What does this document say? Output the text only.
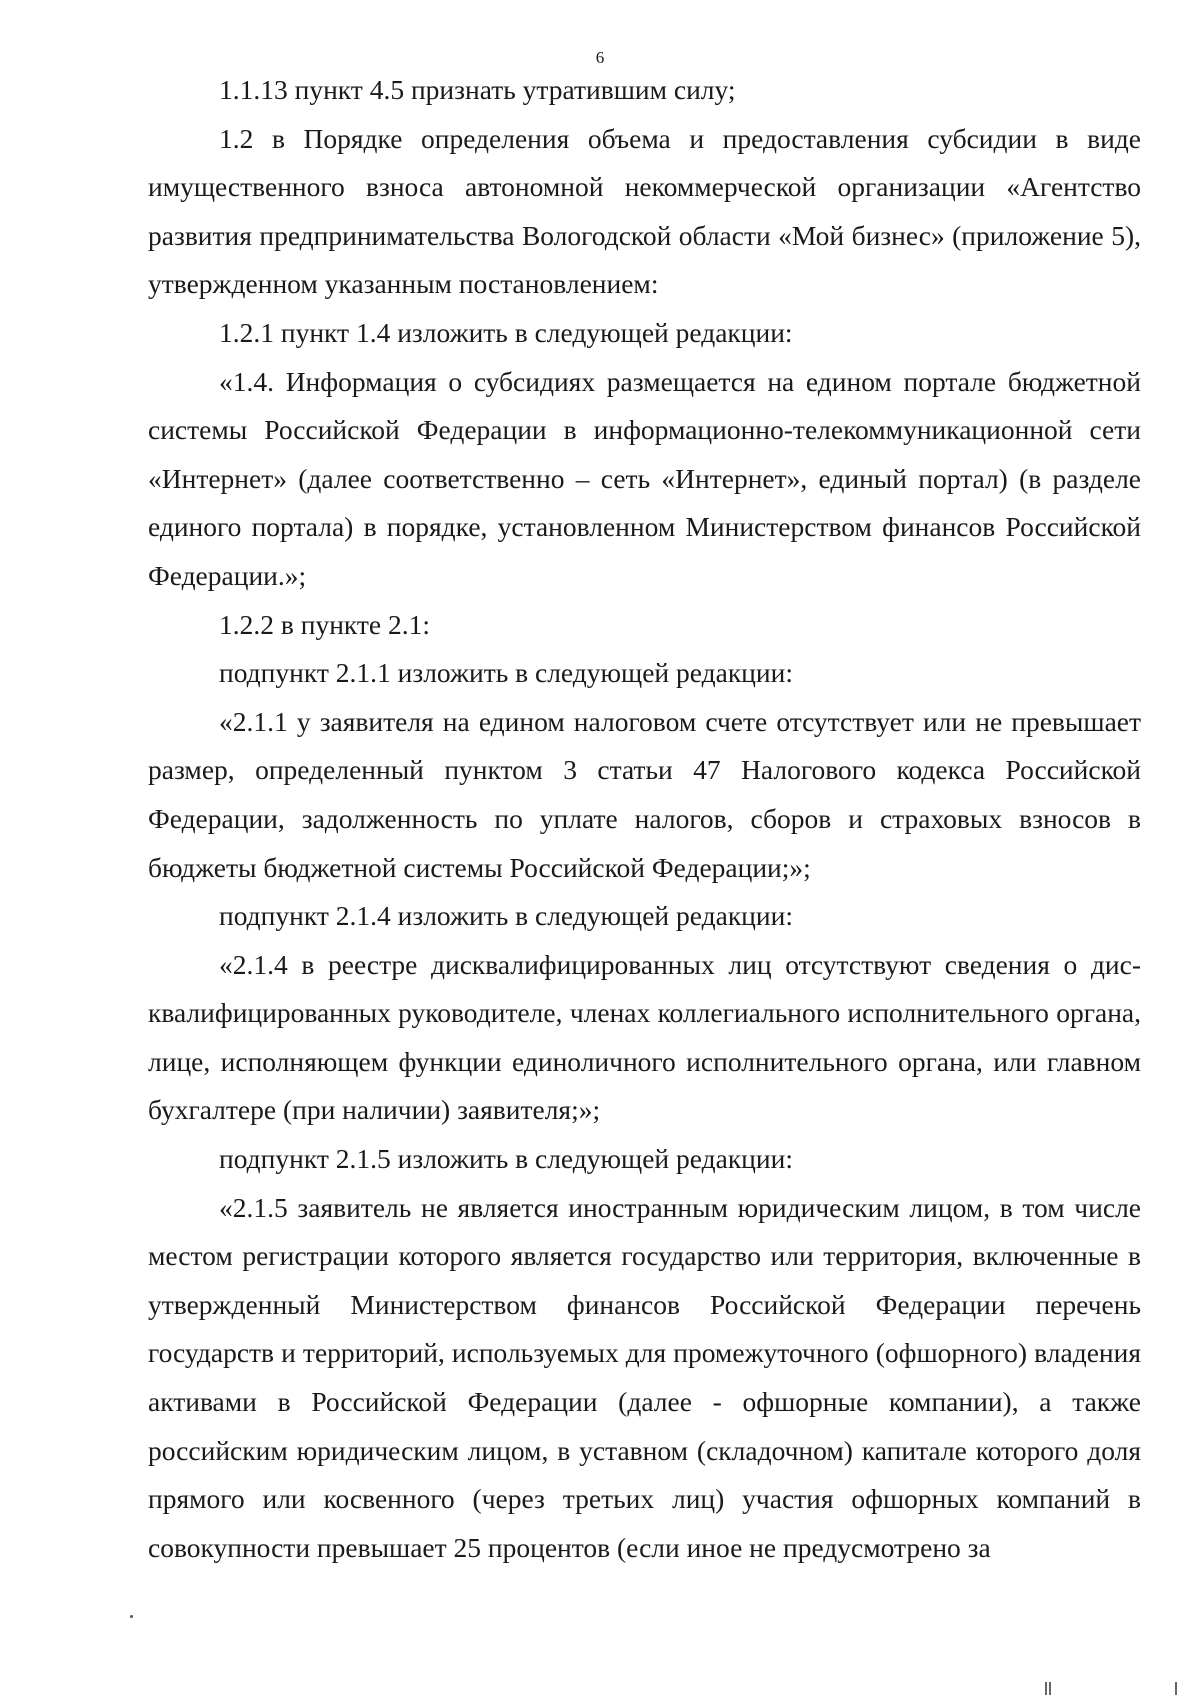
6

1.1.13 пункт 4.5 признать утратившим силу;

1.2 в Порядке определения объема и предоставления субсидии в виде имущественного взноса автономной некоммерческой организации «Агентство развития предпринимательства Вологодской области «Мой бизнес» (приложение 5), утвержденном указанным постановлением:

1.2.1 пункт 1.4 изложить в следующей редакции:

«1.4. Информация о субсидиях размещается на едином портале бюджетной системы Российской Федерации в информационно-телекоммуникационной сети «Интернет» (далее соответственно – сеть «Интернет», единый портал) (в разделе единого портала) в порядке, установленном Министерством финансов Российской Федерации.»;

1.2.2 в пункте 2.1:

подпункт 2.1.1 изложить в следующей редакции:

«2.1.1 у заявителя на едином налоговом счете отсутствует или не превышает размер, определенный пунктом 3 статьи 47 Налогового кодекса Российской Федерации, задолженность по уплате налогов, сборов и страховых взносов в бюджеты бюджетной системы Российской Федерации;»;

подпункт 2.1.4 изложить в следующей редакции:

«2.1.4 в реестре дисквалифицированных лиц отсутствуют сведения о дисквалифицированных руководителе, членах коллегиального исполнительного органа, лице, исполняющем функции единоличного исполнительного органа, или главном бухгалтере (при наличии) заявителя;»;

подпункт 2.1.5 изложить в следующей редакции:

«2.1.5 заявитель не является иностранным юридическим лицом, в том числе местом регистрации которого является государство или территория, включенные в утвержденный Министерством финансов Российской Федерации перечень государств и территорий, используемых для промежуточного (офшорного) владения активами в Российской Федерации (далее - офшорные компании), а также российским юридическим лицом, в уставном (складочном) капитале которого доля прямого или косвенного (через третьих лиц) участия офшорных компаний в совокупности превышает 25 процентов (если иное не предусмотрено за
